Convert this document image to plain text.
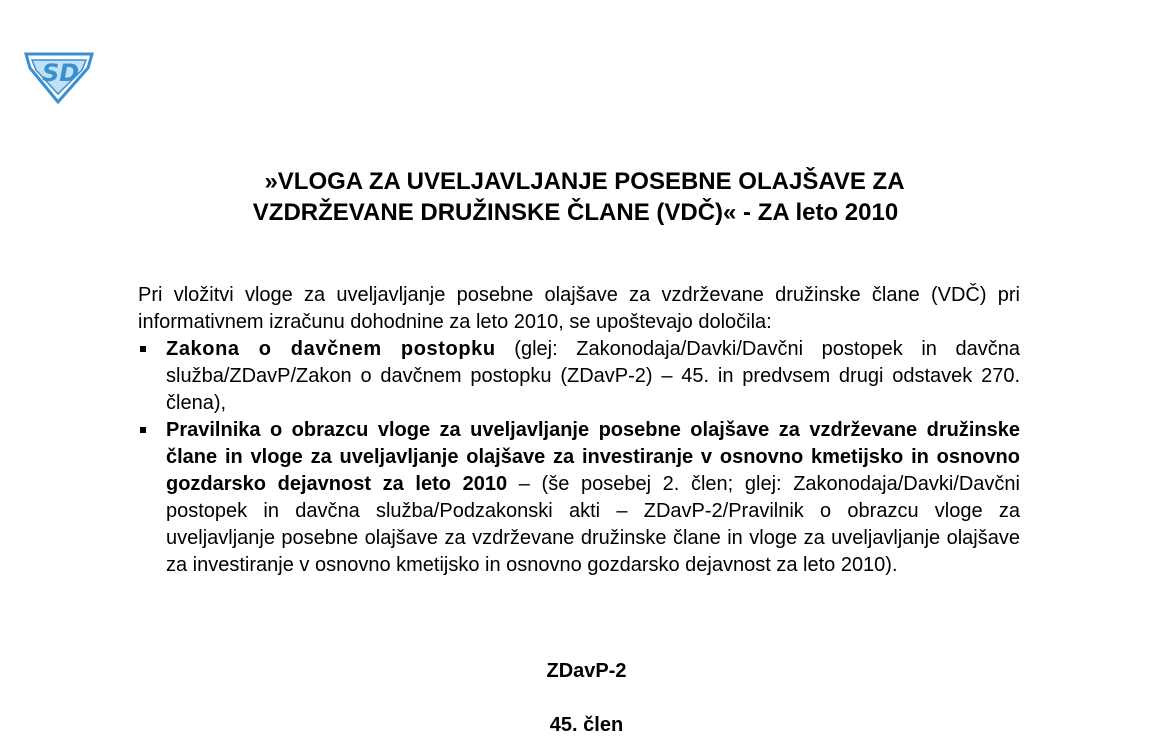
SD
»VLOGA ZA UVELJAVLJANJE POSEBNE OLAJŠAVE ZA
VZDRŽEVANE DRUŽINSKE ČLANE (VDČ)« - ZA leto 2010

Pri vložitvi vloge za uveljavljanje posebne olajšave za vzdrževane družinske člane (VDČ) pri informativnem izračunu dohodnine za leto 2010, se upoštevajo določila:

Zakona o davčnem postopku (glej: Zakonodaja/Davki/Davčni postopek in davčna služba/ZDavP/Zakon o davčnem postopku (ZDavP-2) – 45. in predvsem drugi odstavek 270. člena),
Pravilnika o obrazcu vloge za uveljavljanje posebne olajšave za vzdrževane družinske člane in vloge za uveljavljanje olajšave za investiranje v osnovno kmetijsko in osnovno gozdarsko dejavnost za leto 2010 – (še posebej 2. člen; glej: Zakonodaja/Davki/Davčni postopek in davčna služba/Podzakonski akti – ZDavP-2/Pravilnik o obrazcu vloge za uveljavljanje posebne olajšave za vzdrževane družinske člane in vloge za uveljavljanje olajšave za investiranje v osnovno kmetijsko in osnovno gozdarsko dejavnost za leto 2010).
ZDavP-2
45. člen
